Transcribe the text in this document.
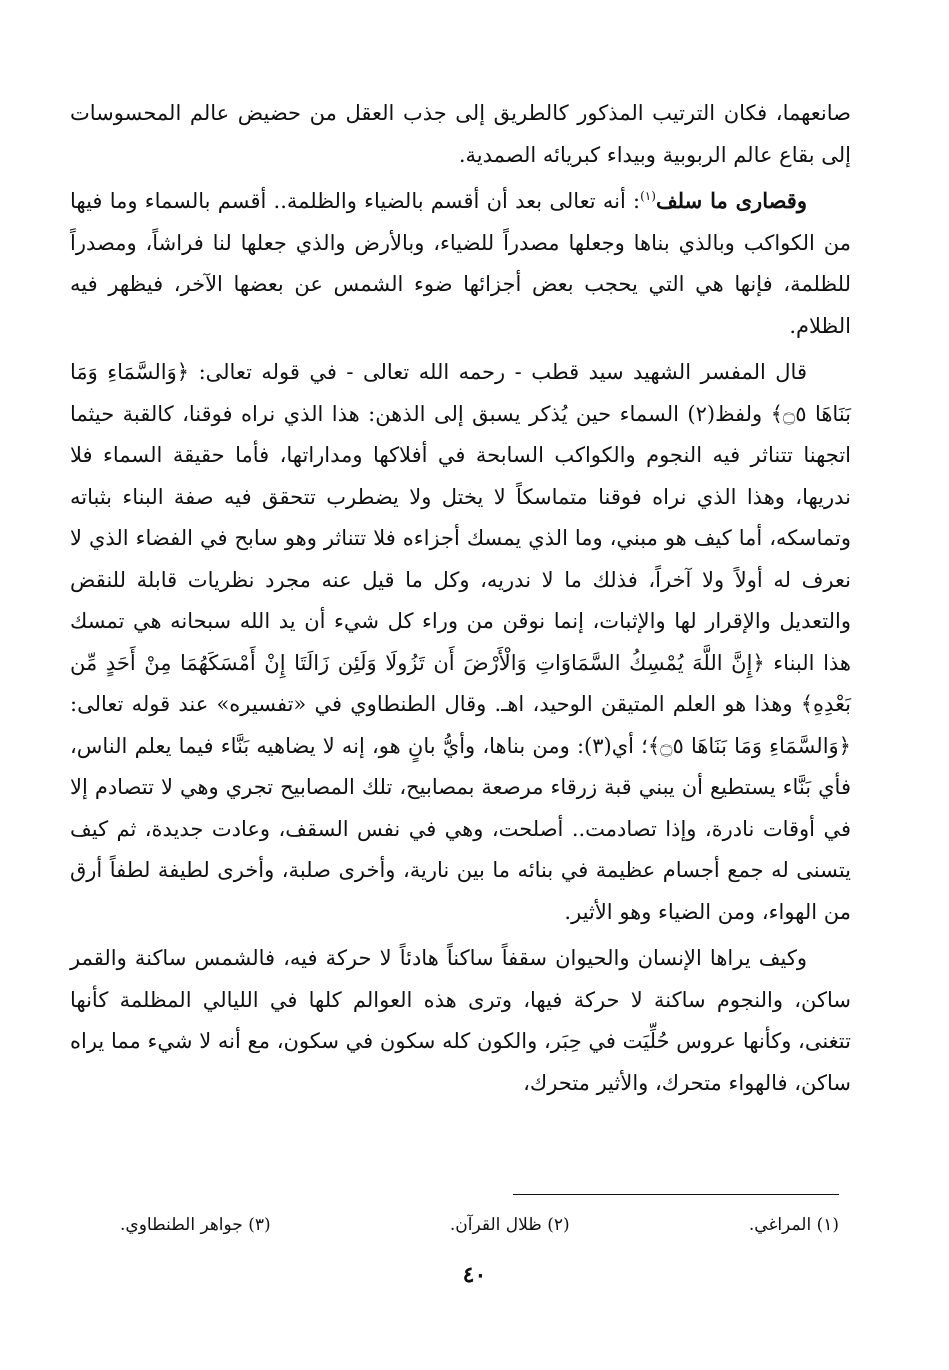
صانعهما، فكان الترتيب المذكور كالطريق إلى جذب العقل من حضيض عالم المحسوسات إلى بقاع عالم الربوبية وبيداء كبريائه الصمدية.

وقصارى ما سلف$^{(١)}$: أنه تعالى بعد أن أقسم بالضياء والظلمة.. أقسم بالسماء وما فيها من الكواكب وبالذي بناها وجعلها مصدراً للضياء، وبالأرض والذي جعلها لنا فراشاً، ومصدراً للظلمة، فإنها هي التي يحجب بعض أجزائها ضوء الشمس عن بعضها الآخر، فيظهر فيه الظلام.

قال المفسر الشهيد سيد قطب - رحمه الله تعالى - في قوله تعالى: ﴿وَالسَّمَاءِ وَمَا بَنَاهَا ۝٥﴾ ولفظ(٢) السماء حين يُذكر يسبق إلى الذهن: هذا الذي نراه فوقنا، كالقبة حيثما اتجهنا تتناثر فيه النجوم والكواكب السابحة في أفلاكها ومداراتها، فأما حقيقة السماء فلا ندريها، وهذا الذي نراه فوقنا متماسكاً لا يختل ولا يضطرب تتحقق فيه صفة البناء بثباته وتماسكه، أما كيف هو مبني، وما الذي يمسك أجزاءه فلا تتناثر وهو سابح في الفضاء الذي لا نعرف له أولاً ولا آخراً، فذلك ما لا ندريه، وكل ما قيل عنه مجرد نظريات قابلة للنقض والتعديل والإقرار لها والإثبات، إنما نوقن من وراء كل شيء أن يد الله سبحانه هي تمسك هذا البناء ﴿إِنَّ اللَّهَ يُمْسِكُ السَّمَاوَاتِ وَالْأَرْضَ أَن تَزُولَا وَلَئِن زَالَتَا إِنْ أَمْسَكَهُمَا مِنْ أَحَدٍ مِّن بَعْدِهِ﴾ وهذا هو العلم المتيقن الوحيد، اهـ. وقال الطنطاوي في «تفسيره» عند قوله تعالى: ﴿وَالسَّمَاءِ وَمَا بَنَاهَا ۝٥﴾؛ أي(٣): ومن بناها، وأيُّ بانٍ هو، إنه لا يضاهيه بَنَّاء فيما يعلم الناس، فأي بَنَّاء يستطيع أن يبني قبة زرقاء مرصعة بمصابيح، تلك المصابيح تجري وهي لا تتصادم إلا في أوقات نادرة، وإذا تصادمت.. أصلحت، وهي في نفس السقف، وعادت جديدة، ثم كيف يتسنى له جمع أجسام عظيمة في بنائه ما بين نارية، وأخرى صلبة، وأخرى لطيفة لطفاً أرق من الهواء، ومن الضياء وهو الأثير.

وكيف يراها الإنسان والحيوان سقفاً ساكناً هادئاً لا حركة فيه، فالشمس ساكنة والقمر ساكن، والنجوم ساكنة لا حركة فيها، وترى هذه العوالم كلها في الليالي المظلمة كأنها تتغنى، وكأنها عروس حُلِّيَت في حِبَر، والكون كله سكون في سكون، مع أنه لا شيء مما يراه ساكن، فالهواء متحرك، والأثير متحرك،

(١) المراغي.
(٢) ظلال القرآن.
(٣) جواهر الطنطاوي.
٤٠
